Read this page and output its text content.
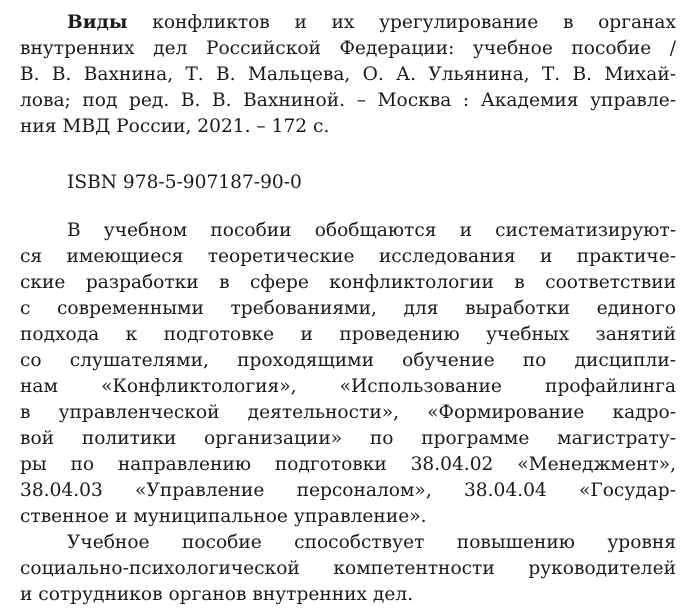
Виды конфликтов и их урегулирование в органах
внутренних дел Российской Федерации: учебное пособие /
В. В. Вахнина, Т. В. Мальцева, О. А. Ульянина, Т. В. Михай-
лова; под ред. В. В. Вахниной. – Москва : Академия управле-
ния МВД России, 2021. – 172 с.
ISBN 978-5-907187-90-0
В учебном пособии обобщаются и систематизируют-
ся имеющиеся теоретические исследования и практиче-
ские разработки в сфере конфликтологии в соответствии
с современными требованиями, для выработки единого
подхода к подготовке и проведению учебных занятий
со слушателями, проходящими обучение по дисципли-
нам «Конфликтология», «Использование профайлинга
в управленческой деятельности», «Формирование кадро-
вой политики организации» по программе магистрату-
ры по направлению подготовки 38.04.02 «Менеджмент»,
38.04.03 «Управление персоналом», 38.04.04 «Государ-
ственное и муниципальное управление».
Учебное пособие способствует повышению уровня
социально-психологической компетентности руководителей
и сотрудников органов внутренних дел.
